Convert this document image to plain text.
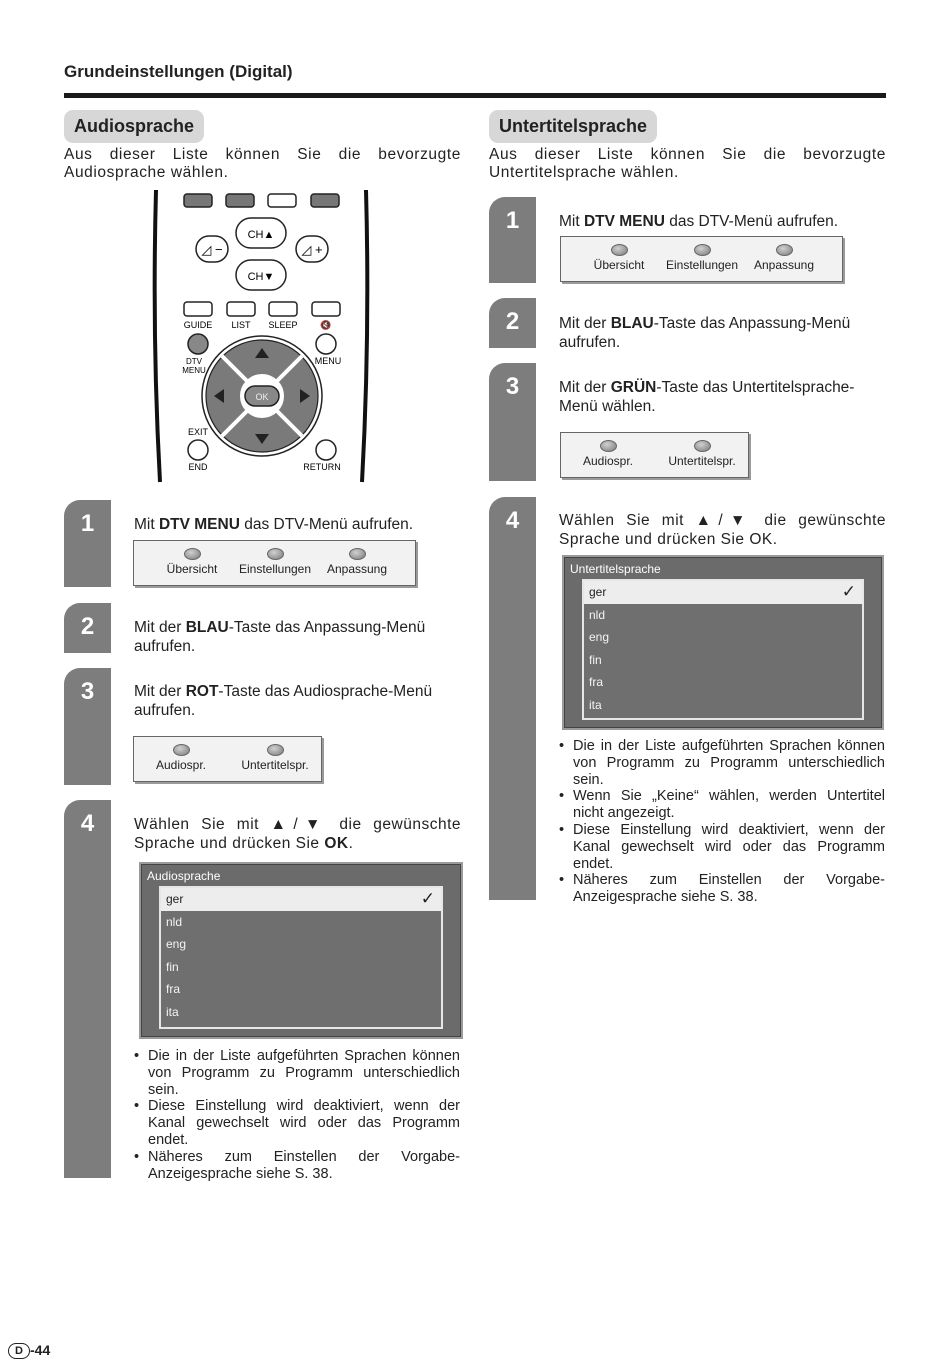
Grundeinstellungen (Digital)
Audiosprache
Aus dieser Liste können Sie die bevorzugte
Audiosprache wählen.
CH▲
CH▼
◿ −	◿ +
GUIDE LIST SLEEP	🔇
DTV
MENU
MENU
OK
EXIT
END	RETURN
1
2
3
4
Mit DTV MENU das DTV-Menü aufrufen.
Übersicht	Einstellungen	Anpassung
Mit der BLAU-Taste das Anpassung-Menü aufrufen.
Mit der ROT-Taste das Audiosprache-Menü aufrufen.
Audiospr.	Untertitelspr.
Wählen Sie mit ▲/▼ die gewünschte
Sprache und drücken Sie OK.
Audiosprache
ger	✓
nld
eng
fin
fra
ita
• Die in der Liste aufgeführten Sprachen können von Programm zu Programm unterschiedlich sein.
• Diese Einstellung wird deaktiviert, wenn der Kanal gewechselt wird oder das Programm endet.
• Näheres zum Einstellen der Vorgabe-Anzeigesprache siehe S. 38.
Untertitelsprache
Aus dieser Liste können Sie die bevorzugte
Untertitelsprache wählen.
1
2
3
4
Mit DTV MENU das DTV-Menü aufrufen.
Übersicht	Einstellungen	Anpassung
Mit der BLAU-Taste das Anpassung-Menü aufrufen.
Mit der GRÜN-Taste das Untertitelsprache-Menü wählen.
Audiospr.	Untertitelspr.
Wählen Sie mit ▲/▼ die gewünschte
Sprache und drücken Sie OK.
Untertitelsprache
ger	✓
nld
eng
fin
fra
ita
• Die in der Liste aufgeführten Sprachen können von Programm zu Programm unterschiedlich sein.
• Wenn Sie „Keine“ wählen, werden Untertitel nicht angezeigt.
• Diese Einstellung wird deaktiviert, wenn der Kanal gewechselt wird oder das Programm endet.
• Näheres zum Einstellen der Vorgabe-Anzeigesprache siehe S. 38.
D -44
